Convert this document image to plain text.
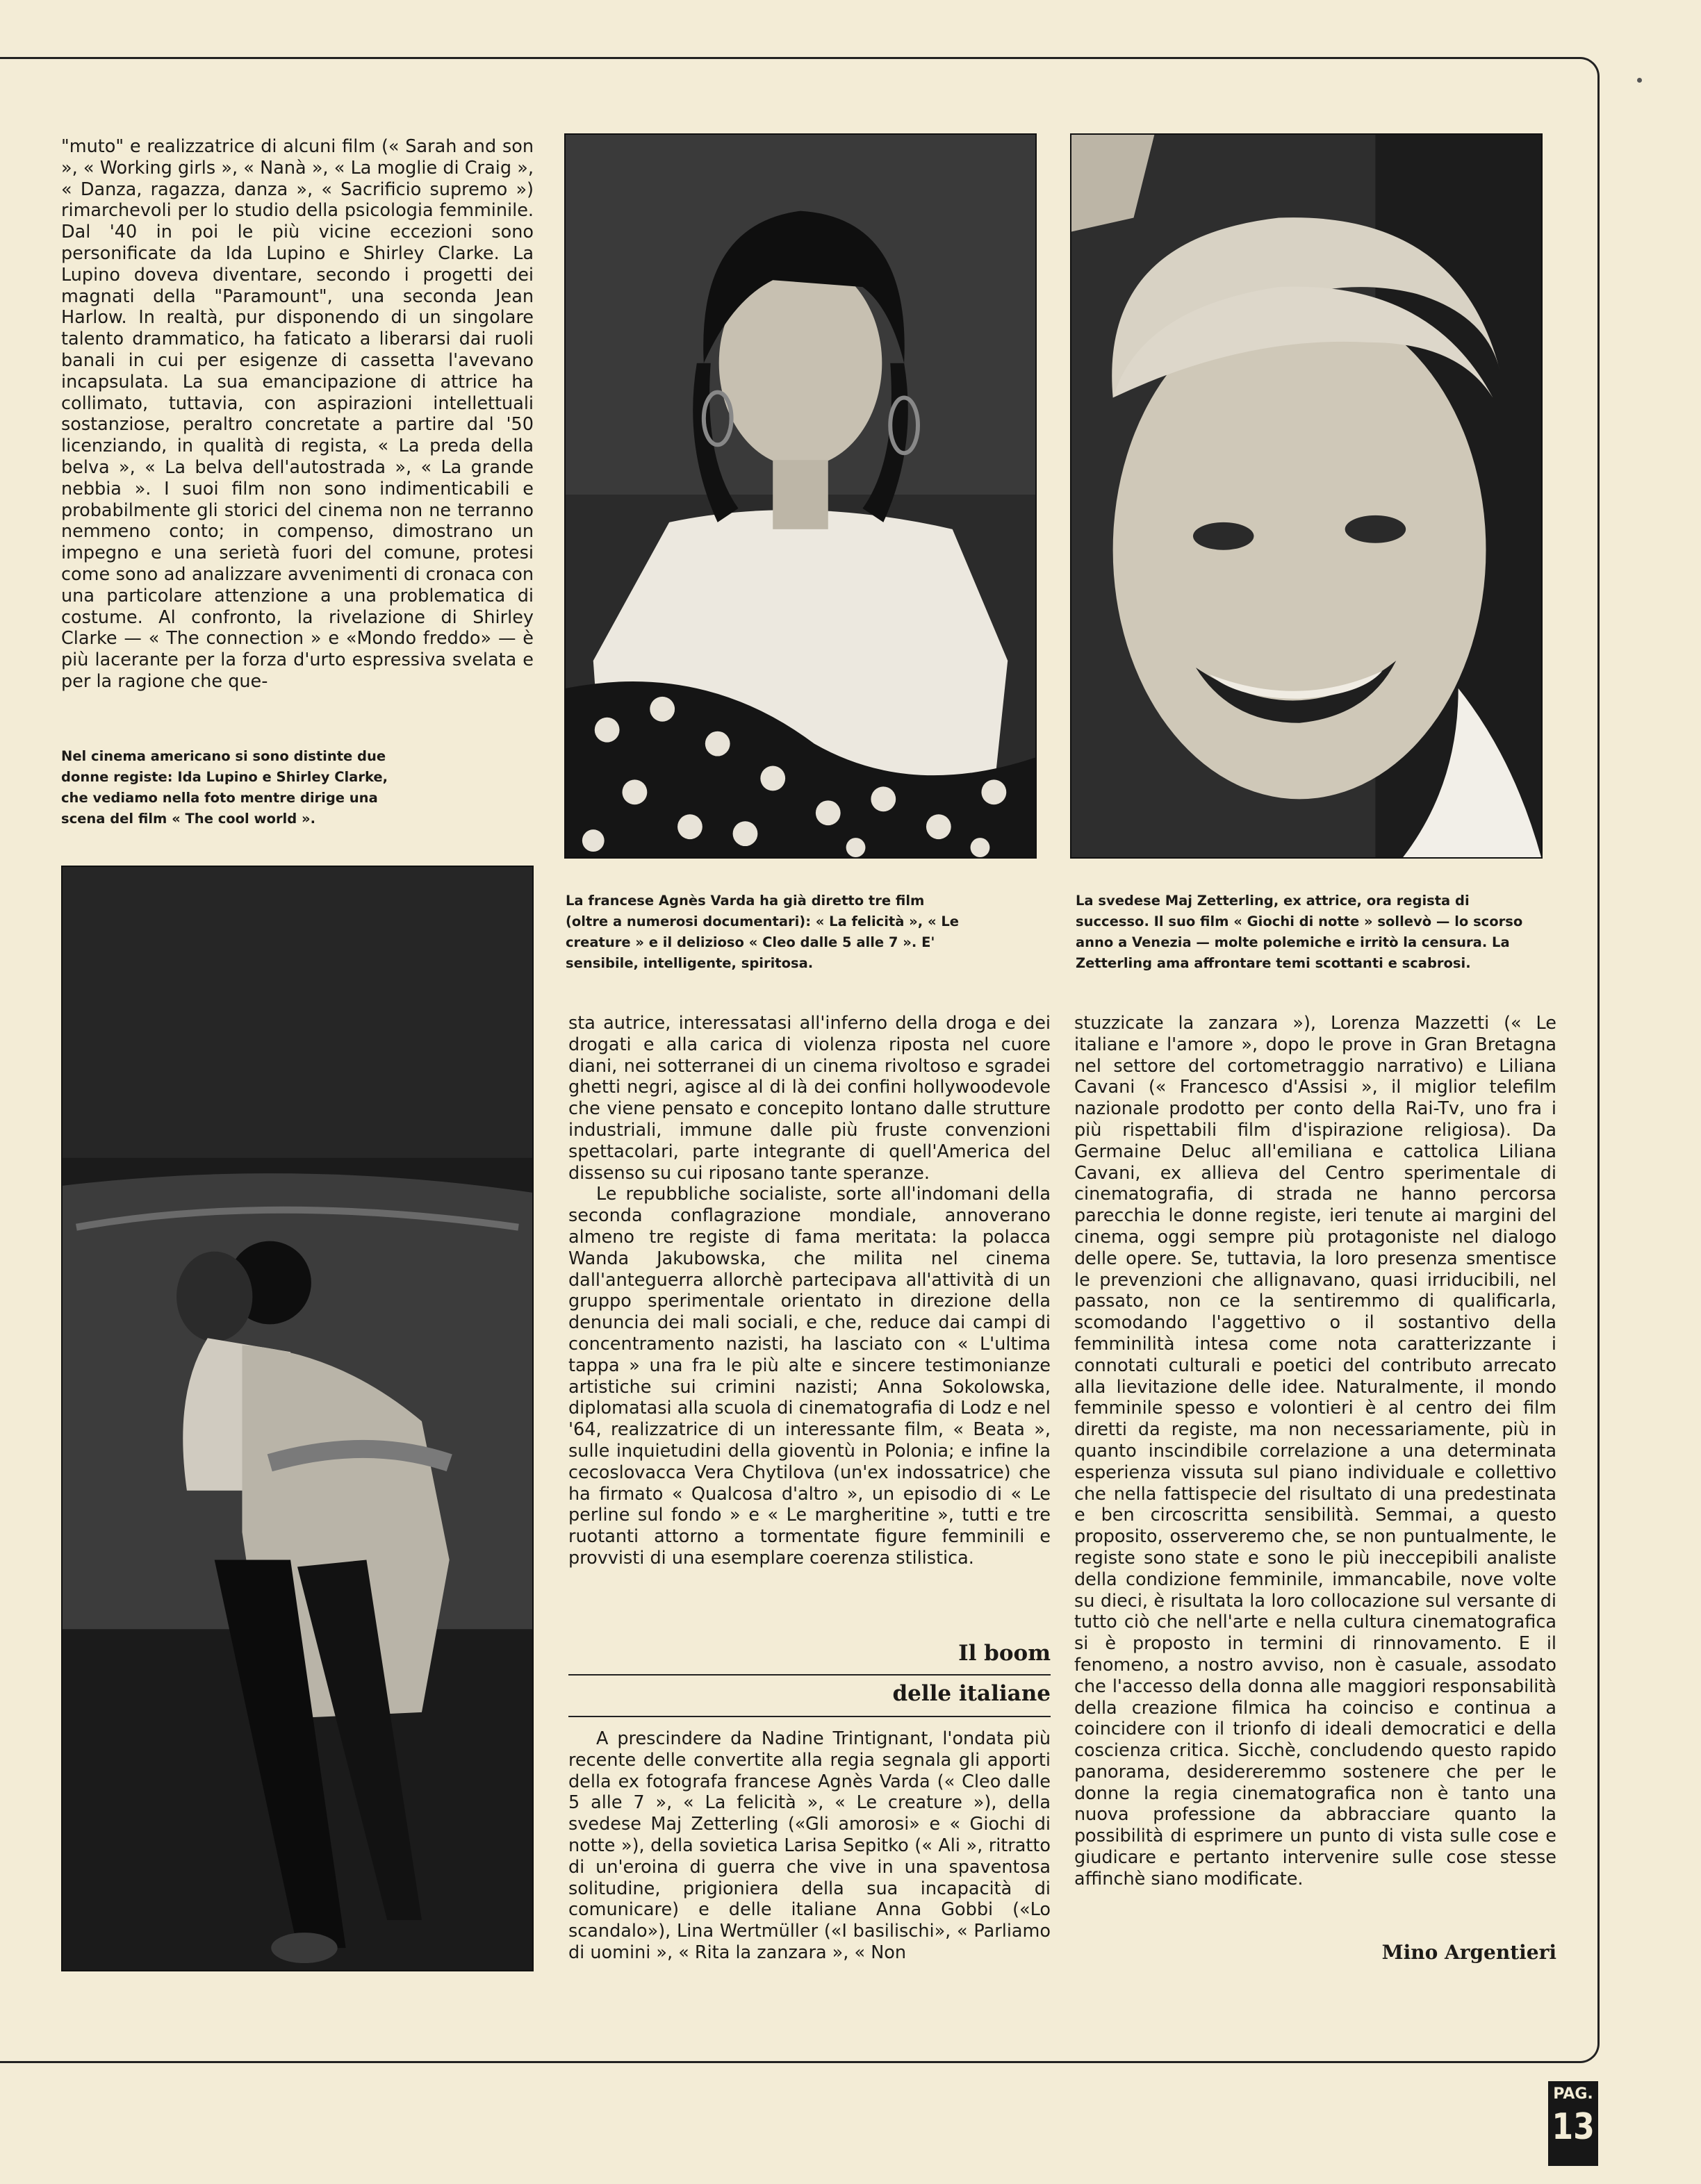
"muto" e realizzatrice di alcuni film (« Sarah and son », « Working girls », « Nanà », « La moglie di Craig », « Danza, ragazza, danza », « Sacrificio supremo ») rimarchevoli per lo studio della psicologia femminile. Dal '40 in poi le più vicine eccezioni sono personificate da Ida Lupino e Shirley Clarke. La Lupino doveva diventare, secondo i progetti dei magnati della "Paramount", una seconda Jean Harlow. In realtà, pur disponendo di un singolare talento drammatico, ha faticato a liberarsi dai ruoli banali in cui per esigenze di cassetta l'avevano incapsulata. La sua emancipazione di attrice ha collimato, tuttavia, con aspirazioni intellettuali sostanziose, peraltro concretate a partire dal '50 licenziando, in qualità di regista, « La preda della belva », « La belva dell'autostrada », « La grande nebbia ». I suoi film non sono indimenticabili e probabilmente gli storici del cinema non ne terranno nemmeno conto; in compenso, dimostrano un impegno e una serietà fuori del comune, protesi come sono ad analizzare avvenimenti di cronaca con una particolare attenzione a una problematica di costume. Al confronto, la rivelazione di Shirley Clarke — « The connection » e «Mondo freddo» — è più lacerante per la forza d'urto espressiva svelata e per la ragione che que-

Nel cinema americano si sono distinte due donne registe: Ida Lupino e Shirley Clarke, che vediamo nella foto mentre dirige una scena del film « The cool world ».
La francese Agnès Varda ha già diretto tre film (oltre a numerosi documentari): « La felicità », « Le creature » e il delizioso « Cleo dalle 5 alle 7 ». E' sensibile, intelligente, spiritosa.
La svedese Maj Zetterling, ex attrice, ora regista di successo. Il suo film « Giochi di notte » sollevò — lo scorso anno a Venezia — molte polemiche e irritò la censura. La Zetterling ama affrontare temi scottanti e scabrosi.

sta autrice, interessatasi all'inferno della droga e dei drogati e alla carica di violenza riposta nel cuore diani, nei sotterranei di un cinema rivoltoso e sgradei ghetti negri, agisce al di là dei confini hollywoodevole che viene pensato e concepito lontano dalle strutture industriali, immune dalle più fruste convenzioni spettacolari, parte integrante di quell'America del dissenso su cui riposano tante speranze.

Le repubbliche socialiste, sorte all'indomani della seconda conflagrazione mondiale, annoverano almeno tre registe di fama meritata: la polacca Wanda Jakubowska, che milita nel cinema dall'anteguerra allorchè partecipava all'attività di un gruppo sperimentale orientato in direzione della denuncia dei mali sociali, e che, reduce dai campi di concentramento nazisti, ha lasciato con « L'ultima tappa » una fra le più alte e sincere testimonianze artistiche sui crimini nazisti; Anna Sokolowska, diplomatasi alla scuola di cinematografia di Lodz e nel '64, realizzatrice di un interessante film, « Beata », sulle inquietudini della gioventù in Polonia; e infine la cecoslovacca Vera Chytilova (un'ex indossatrice) che ha firmato « Qualcosa d'altro », un episodio di « Le perline sul fondo » e « Le margheritine », tutti e tre ruotanti attorno a tormentate figure femminili e provvisti di una esemplare coerenza stilistica.

Il boom
delle italiane

A prescindere da Nadine Trintignant, l'ondata più recente delle convertite alla regia segnala gli apporti della ex fotografa francese Agnès Varda (« Cleo dalle 5 alle 7 », « La felicità », « Le creature »), della svedese Maj Zetterling («Gli amorosi» e « Giochi di notte »), della sovietica Larisa Sepitko (« Ali », ritratto di un'eroina di guerra che vive in una spaventosa solitudine, prigioniera della sua incapacità di comunicare) e delle italiane Anna Gobbi («Lo scandalo»), Lina Wertmüller («I basilischi», « Parliamo di uomini », « Rita la zanzara », « Non

stuzzicate la zanzara »), Lorenza Mazzetti (« Le italiane e l'amore », dopo le prove in Gran Bretagna nel settore del cortometraggio narrativo) e Liliana Cavani (« Francesco d'Assisi », il miglior telefilm nazionale prodotto per conto della Rai-Tv, uno fra i più rispettabili film d'ispirazione religiosa). Da Germaine Deluc all'emiliana e cattolica Liliana Cavani, ex allieva del Centro sperimentale di cinematografia, di strada ne hanno percorsa parecchia le donne registe, ieri tenute ai margini del cinema, oggi sempre più protagoniste nel dialogo delle opere. Se, tuttavia, la loro presenza smentisce le prevenzioni che allignavano, quasi irriducibili, nel passato, non ce la sentiremmo di qualificarla, scomodando l'aggettivo o il sostantivo della femminilità intesa come nota caratterizzante i connotati culturali e poetici del contributo arrecato alla lievitazione delle idee. Naturalmente, il mondo femminile spesso e volontieri è al centro dei film diretti da registe, ma non necessariamente, più in quanto inscindibile correlazione a una determinata esperienza vissuta sul piano individuale e collettivo che nella fattispecie del risultato di una predestinata e ben circoscritta sensibilità. Semmai, a questo proposito, osserveremo che, se non puntualmente, le registe sono state e sono le più ineccepibili analiste della condizione femminile, immancabile, nove volte su dieci, è risultata la loro collocazione sul versante di tutto ciò che nell'arte e nella cultura cinematografica si è proposto in termini di rinnovamento. E il fenomeno, a nostro avviso, non è casuale, assodato che l'accesso della donna alle maggiori responsabilità della creazione filmica ha coinciso e continua a coincidere con il trionfo di ideali democratici e della coscienza critica. Sicchè, concludendo questo rapido panorama, desidereremmo sostenere che per le donne la regia cinematografica non è tanto una nuova professione da abbracciare quanto la possibilità di esprimere un punto di vista sulle cose e giudicare e pertanto intervenire sulle cose stesse affinchè siano modificate.

Mino Argentieri
PAG.
13
